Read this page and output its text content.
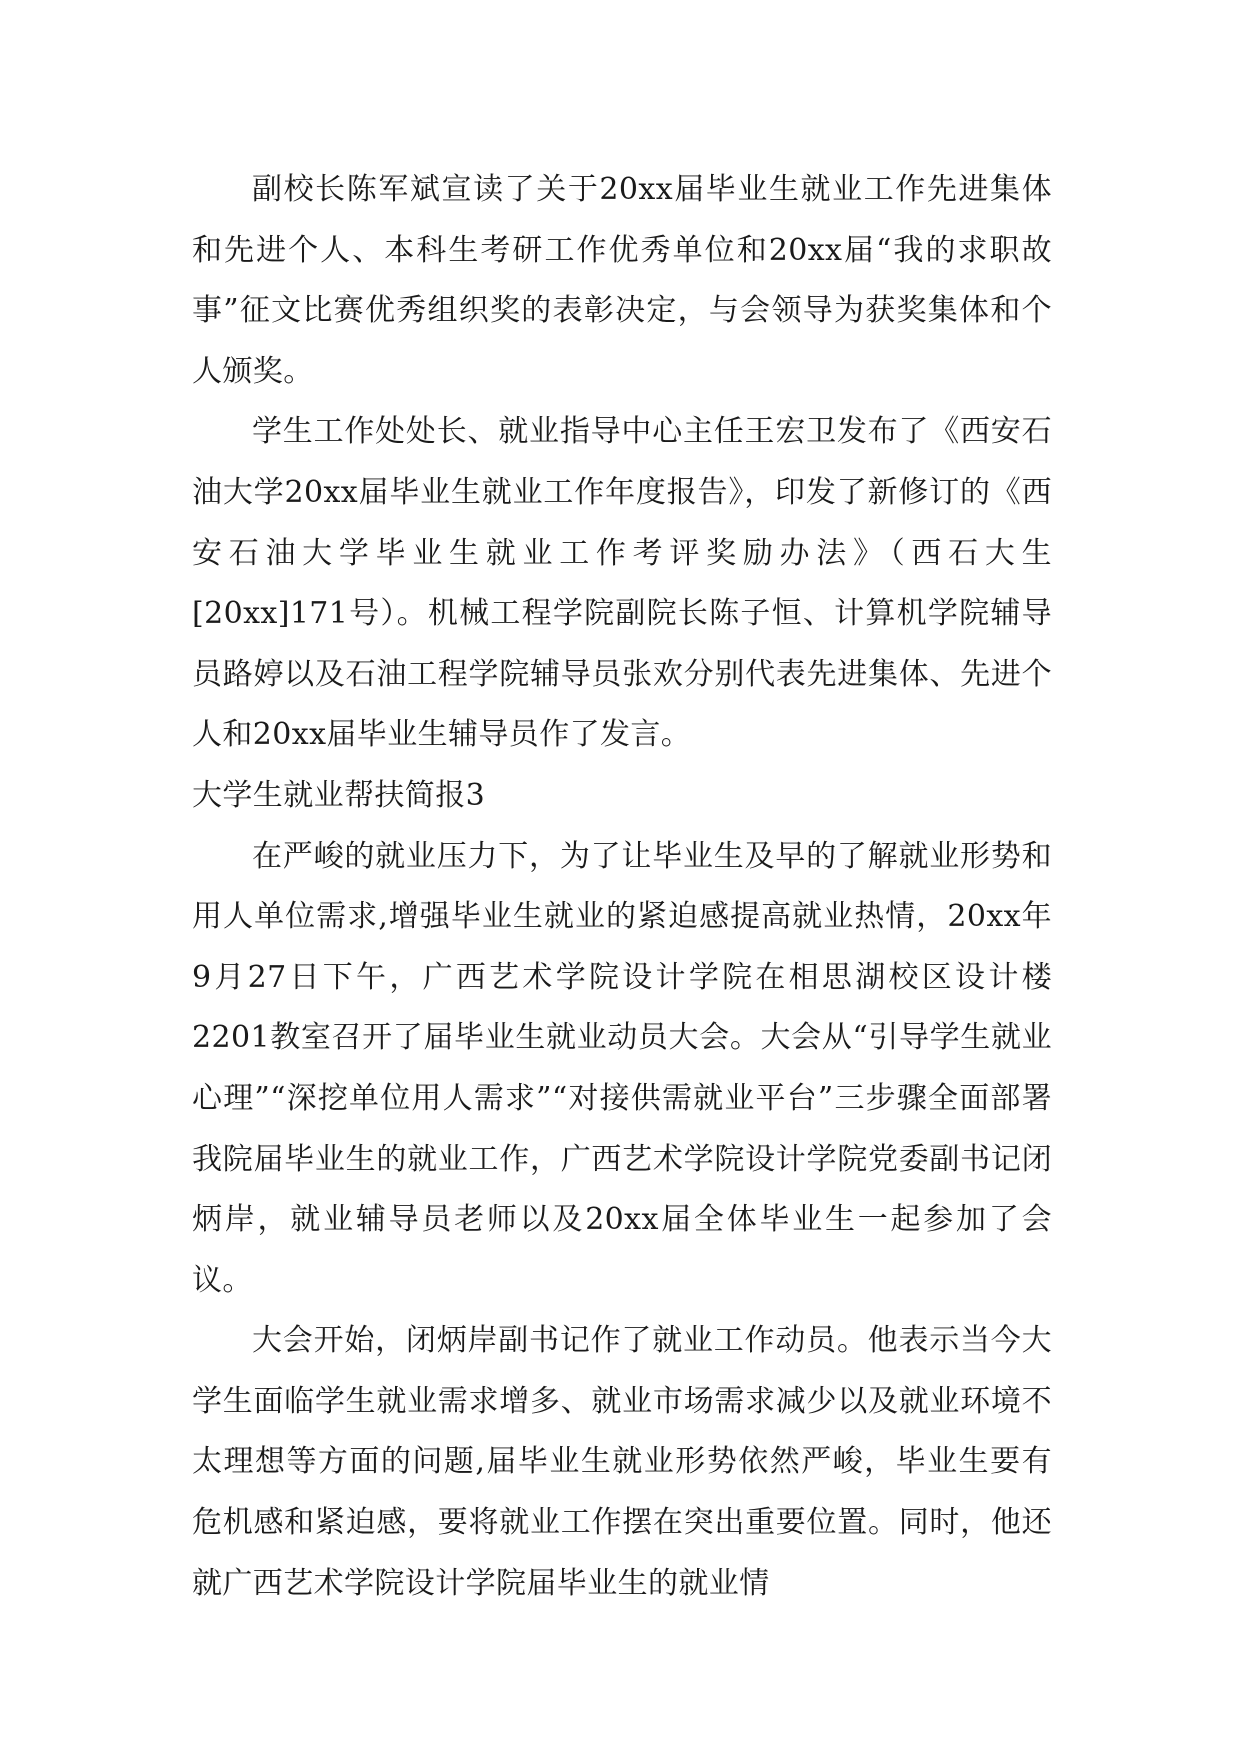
副校长陈军斌宣读了关于20xx届毕业生就业工作先进集体和先进个人、本科生考研工作优秀单位和20xx届“我的求职故事”征文比赛优秀组织奖的表彰决定，与会领导为获奖集体和个人颁奖。

学生工作处处长、就业指导中心主任王宏卫发布了《西安石油大学20xx届毕业生就业工作年度报告》，印发了新修订的《西安石油大学毕业生就业工作考评奖励办法》（西石大生[20xx]171号）。机械工程学院副院长陈子恒、计算机学院辅导员路婷以及石油工程学院辅导员张欢分别代表先进集体、先进个人和20xx届毕业生辅导员作了发言。

大学生就业帮扶简报3

在严峻的就业压力下，为了让毕业生及早的了解就业形势和用人单位需求,增强毕业生就业的紧迫感提高就业热情，20xx年9月27日下午，广西艺术学院设计学院在相思湖校区设计楼2201教室召开了届毕业生就业动员大会。大会从“引导学生就业心理”“深挖单位用人需求”“对接供需就业平台”三步骤全面部署我院届毕业生的就业工作，广西艺术学院设计学院党委副书记闭炳岸，就业辅导员老师以及20xx届全体毕业生一起参加了会议。

大会开始，闭炳岸副书记作了就业工作动员。他表示当今大学生面临学生就业需求增多、就业市场需求减少以及就业环境不太理想等方面的问题,届毕业生就业形势依然严峻，毕业生要有危机感和紧迫感，要将就业工作摆在突出重要位置。同时，他还就广西艺术学院设计学院届毕业生的就业情
